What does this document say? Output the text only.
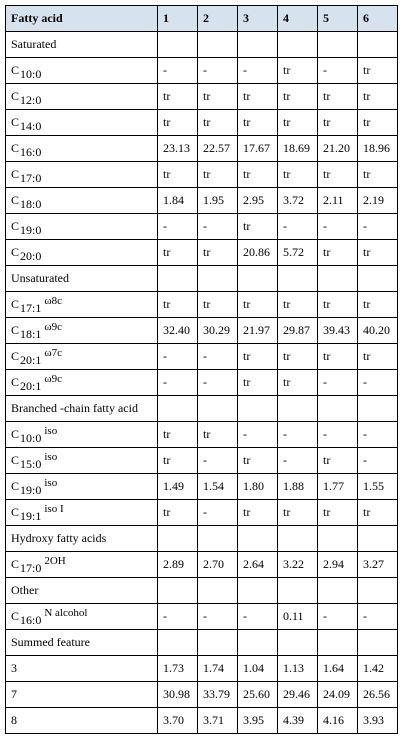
Fatty acid	1	2	3	4	5	6
Saturated						
C10:0	-	-	-	tr	-	tr
C12:0	tr	tr	tr	tr	tr	tr
C14:0	tr	tr	tr	tr	tr	tr
C16:0	23.13	22.57	17.67	18.69	21.20	18.96
C17:0	tr	tr	tr	tr	tr	tr
C18:0	1.84	1.95	2.95	3.72	2.11	2.19
C19:0	-	-	tr	-	-	-
C20:0	tr	tr	20.86	5.72	tr	tr
Unsaturated						
C17:1 ω8c	tr	tr	tr	tr	tr	tr
C18:1 ω9c	32.40	30.29	21.97	29.87	39.43	40.20
C20:1 ω7c	-	-	tr	tr	tr	tr
C20:1 ω9c	-	-	tr	tr	-	-
Branched -chain fatty acid						
C10:0 iso	tr	tr	-	-	-	-
C15:0 iso	tr	-	tr	-	tr	-
C19:0 iso	1.49	1.54	1.80	1.88	1.77	1.55
C19:1 iso I	tr	-	tr	tr	tr	tr
Hydroxy fatty acids						
C17:0 2OH	2.89	2.70	2.64	3.22	2.94	3.27
Other						
C16:0 N alcohol	-	-	-	0.11	-	-
Summed feature						
3	1.73	1.74	1.04	1.13	1.64	1.42
7	30.98	33.79	25.60	29.46	24.09	26.56
8	3.70	3.71	3.95	4.39	4.16	3.93
